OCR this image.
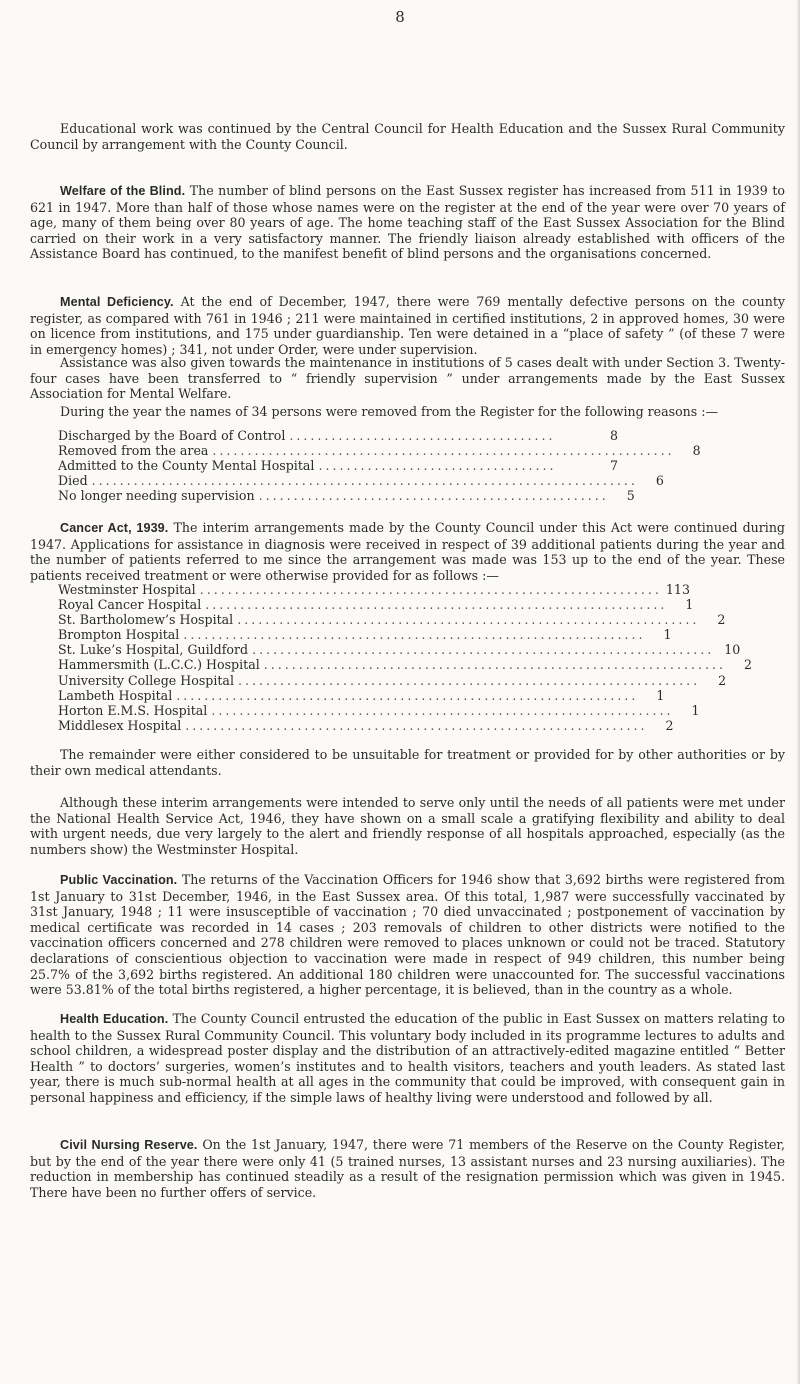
8

Educational work was continued by the Central Council for Health Education and the Sussex Rural Community Council by arrangement with the County Council.

Welfare of the Blind. The number of blind persons on the East Sussex register has increased from 511 in 1939 to 621 in 1947. More than half of those whose names were on the register at the end of the year were over 70 years of age, many of them being over 80 years of age. The home teaching staff of the East Sussex Association for the Blind carried on their work in a very satisfactory manner. The friendly liaison already established with officers of the Assistance Board has continued, to the manifest benefit of blind persons and the organisations concerned.

Mental Deficiency. At the end of December, 1947, there were 769 mentally defective persons on the county register, as compared with 761 in 1946 ; 211 were maintained in certified institutions, 2 in approved homes, 30 were on licence from institutions, and 175 under guardianship. Ten were detained in a “place of safety ” (of these 7 were in emergency homes) ; 341, not under Order, were under supervision.

Assistance was also given towards the maintenance in institutions of 5 cases dealt with under Section 3. Twenty-four cases have been transferred to “ friendly supervision ” under arrangements made by the East Sussex Association for Mental Welfare.

During the year the names of 34 persons were removed from the Register for the following reasons :—

Discharged by the Board of Control ......................................	8
Removed from the area ..................................................................	8
Admitted to the County Mental Hospital ..................................	7
Died ..............................................................................	6
No longer needing supervision ..................................................	5

Cancer Act, 1939. The interim arrangements made by the County Council under this Act were continued during 1947. Applications for assistance in diagnosis were received in respect of 39 additional patients during the year and the number of patients referred to me since the arrangement was made was 153 up to the end of the year. These patients received treatment or were otherwise provided for as follows :—

Westminster Hospital .................................................................. 113
Royal Cancer Hospital ..................................................................	1
St. Bartholomew’s Hospital ..................................................................	2
Brompton Hospital ..................................................................	1
St. Luke’s Hospital, Guildford .................................................................. 10
Hammersmith (L.C.C.) Hospital ..................................................................	2
University College Hospital ..................................................................	2
Lambeth Hospital ..................................................................	1
Horton E.M.S. Hospital ..................................................................	1
Middlesex Hospital ..................................................................	2

The remainder were either considered to be unsuitable for treatment or provided for by other authorities or by their own medical attendants.

Although these interim arrangements were intended to serve only until the needs of all patients were met under the National Health Service Act, 1946, they have shown on a small scale a gratifying flexibility and ability to deal with urgent needs, due very largely to the alert and friendly response of all hospitals approached, especially (as the numbers show) the Westminster Hospital.

Public Vaccination. The returns of the Vaccination Officers for 1946 show that 3,692 births were registered from 1st January to 31st December, 1946, in the East Sussex area. Of this total, 1,987 were successfully vaccinated by 31st January, 1948 ; 11 were insusceptible of vaccination ; 70 died unvaccinated ; postponement of vaccination by medical certificate was recorded in 14 cases ; 203 removals of children to other districts were notified to the vaccination officers concerned and 278 children were removed to places unknown or could not be traced. Statutory declarations of conscientious objection to vaccination were made in respect of 949 children, this number being 25.7% of the 3,692 births registered. An additional 180 children were unaccounted for. The successful vaccinations were 53.81% of the total births registered, a higher percentage, it is believed, than in the country as a whole.

Health Education. The County Council entrusted the education of the public in East Sussex on matters relating to health to the Sussex Rural Community Council. This voluntary body included in its programme lectures to adults and school children, a widespread poster display and the distribution of an attractively-edited magazine entitled “ Better Health ” to doctors’ surgeries, women’s institutes and to health visitors, teachers and youth leaders. As stated last year, there is much sub-normal health at all ages in the community that could be improved, with consequent gain in personal happiness and efficiency, if the simple laws of healthy living were understood and followed by all.

Civil Nursing Reserve. On the 1st January, 1947, there were 71 members of the Reserve on the County Register, but by the end of the year there were only 41 (5 trained nurses, 13 assistant nurses and 23 nursing auxiliaries). The reduction in membership has continued steadily as a result of the resignation permission which was given in 1945. There have been no further offers of service.
